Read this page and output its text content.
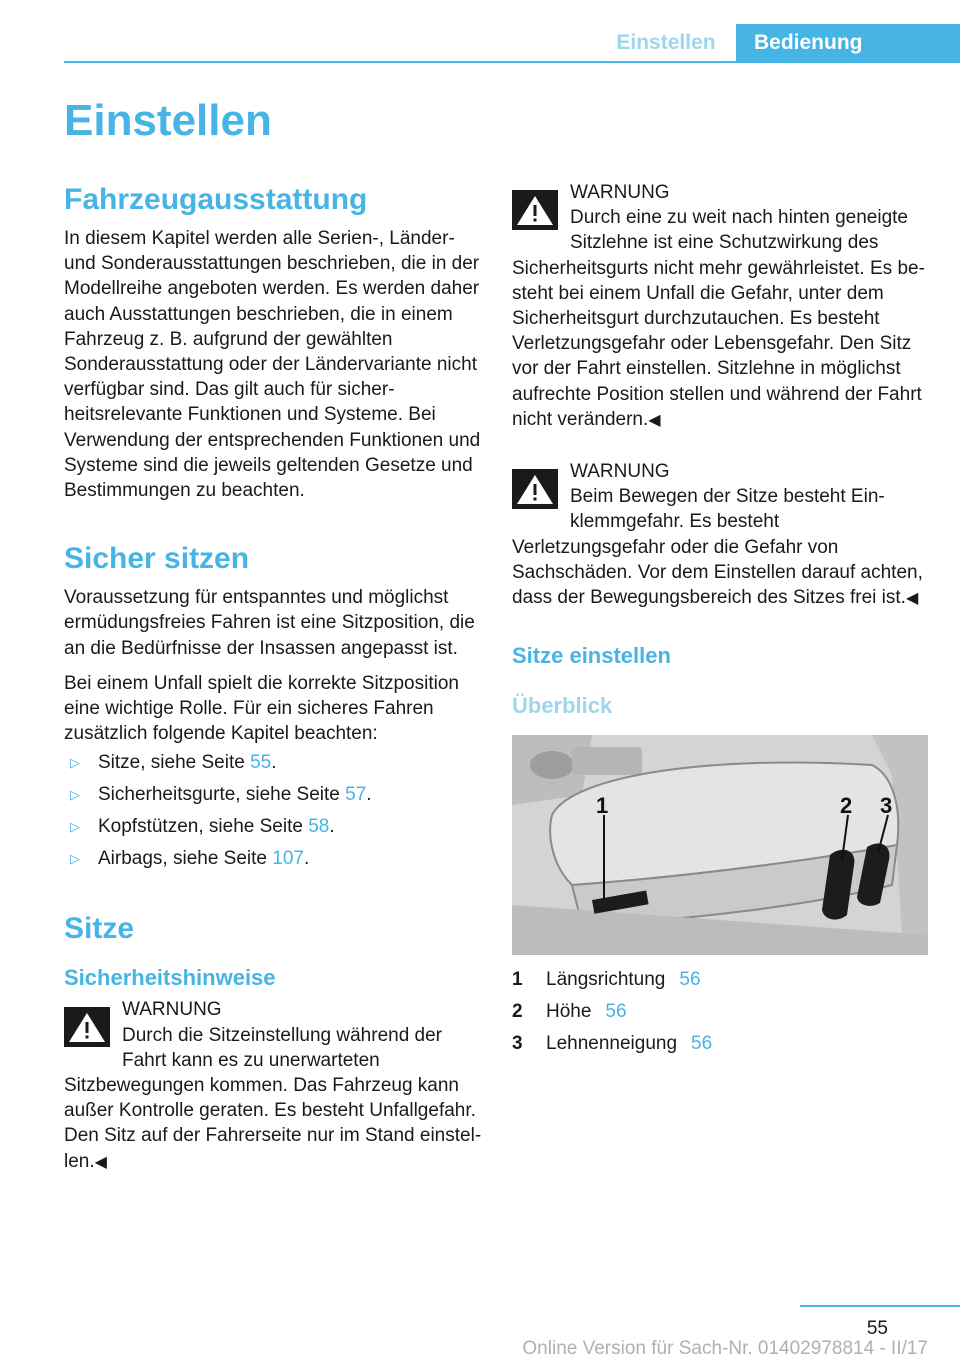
Einstellen	Bedienung
Einstellen
Fahrzeugausstattung
In diesem Kapitel werden alle Serien-, Länder- und Sonderausstattungen beschrieben, die in der Modellreihe angeboten werden. Es werden daher auch Ausstattungen beschrieben, die in einem Fahrzeug z. B. aufgrund der gewählten Sonderausstattung oder der Ländervariante nicht verfügbar sind. Das gilt auch für sicherheitsrelevante Funktionen und Systeme. Bei Verwendung der entsprechenden Funktionen und Systeme sind die jeweils geltenden Gesetze und Bestimmungen zu beachten.
Sicher sitzen
Voraussetzung für entspanntes und möglichst ermüdungsfreies Fahren ist eine Sitzposition, die an die Bedürfnisse der Insassen angepasst ist.
Bei einem Unfall spielt die korrekte Sitzposition eine wichtige Rolle. Für ein sicheres Fahren zusätzlich folgende Kapitel beachten:
▷ Sitze, siehe Seite 55.
▷ Sicherheitsgurte, siehe Seite 57.
▷ Kopfstützen, siehe Seite 58.
▷ Airbags, siehe Seite 107.
Sitze
Sicherheitshinweise
WARNUNG
Durch die Sitzeinstellung während der Fahrt kann es zu unerwarteten Sitzbewegungen kommen. Das Fahrzeug kann außer Kontrolle geraten. Es besteht Unfallgefahr. Den Sitz auf der Fahrerseite nur im Stand einstellen.◀
WARNUNG
Durch eine zu weit nach hinten geneigte Sitzlehne ist eine Schutzwirkung des Sicherheitsgurts nicht mehr gewährleistet. Es besteht bei einem Unfall die Gefahr, unter dem Sicherheitsgurt durchzutauchen. Es besteht Verletzungsgefahr oder Lebensgefahr. Den Sitz vor der Fahrt einstellen. Sitzlehne in möglichst aufrechte Position stellen und während der Fahrt nicht verändern.◀
WARNUNG
Beim Bewegen der Sitze besteht Einklemmgefahr. Es besteht Verletzungsgefahr oder die Gefahr von Sachschäden. Vor dem Einstellen darauf achten, dass der Bewegungsbereich des Sitzes frei ist.◀
Sitze einstellen
Überblick
1	2 3
1	Längsrichtung 56
2	Höhe 56
3	Lehnenneigung 56
55
Online Version für Sach-Nr. 01402978814 - II/17
